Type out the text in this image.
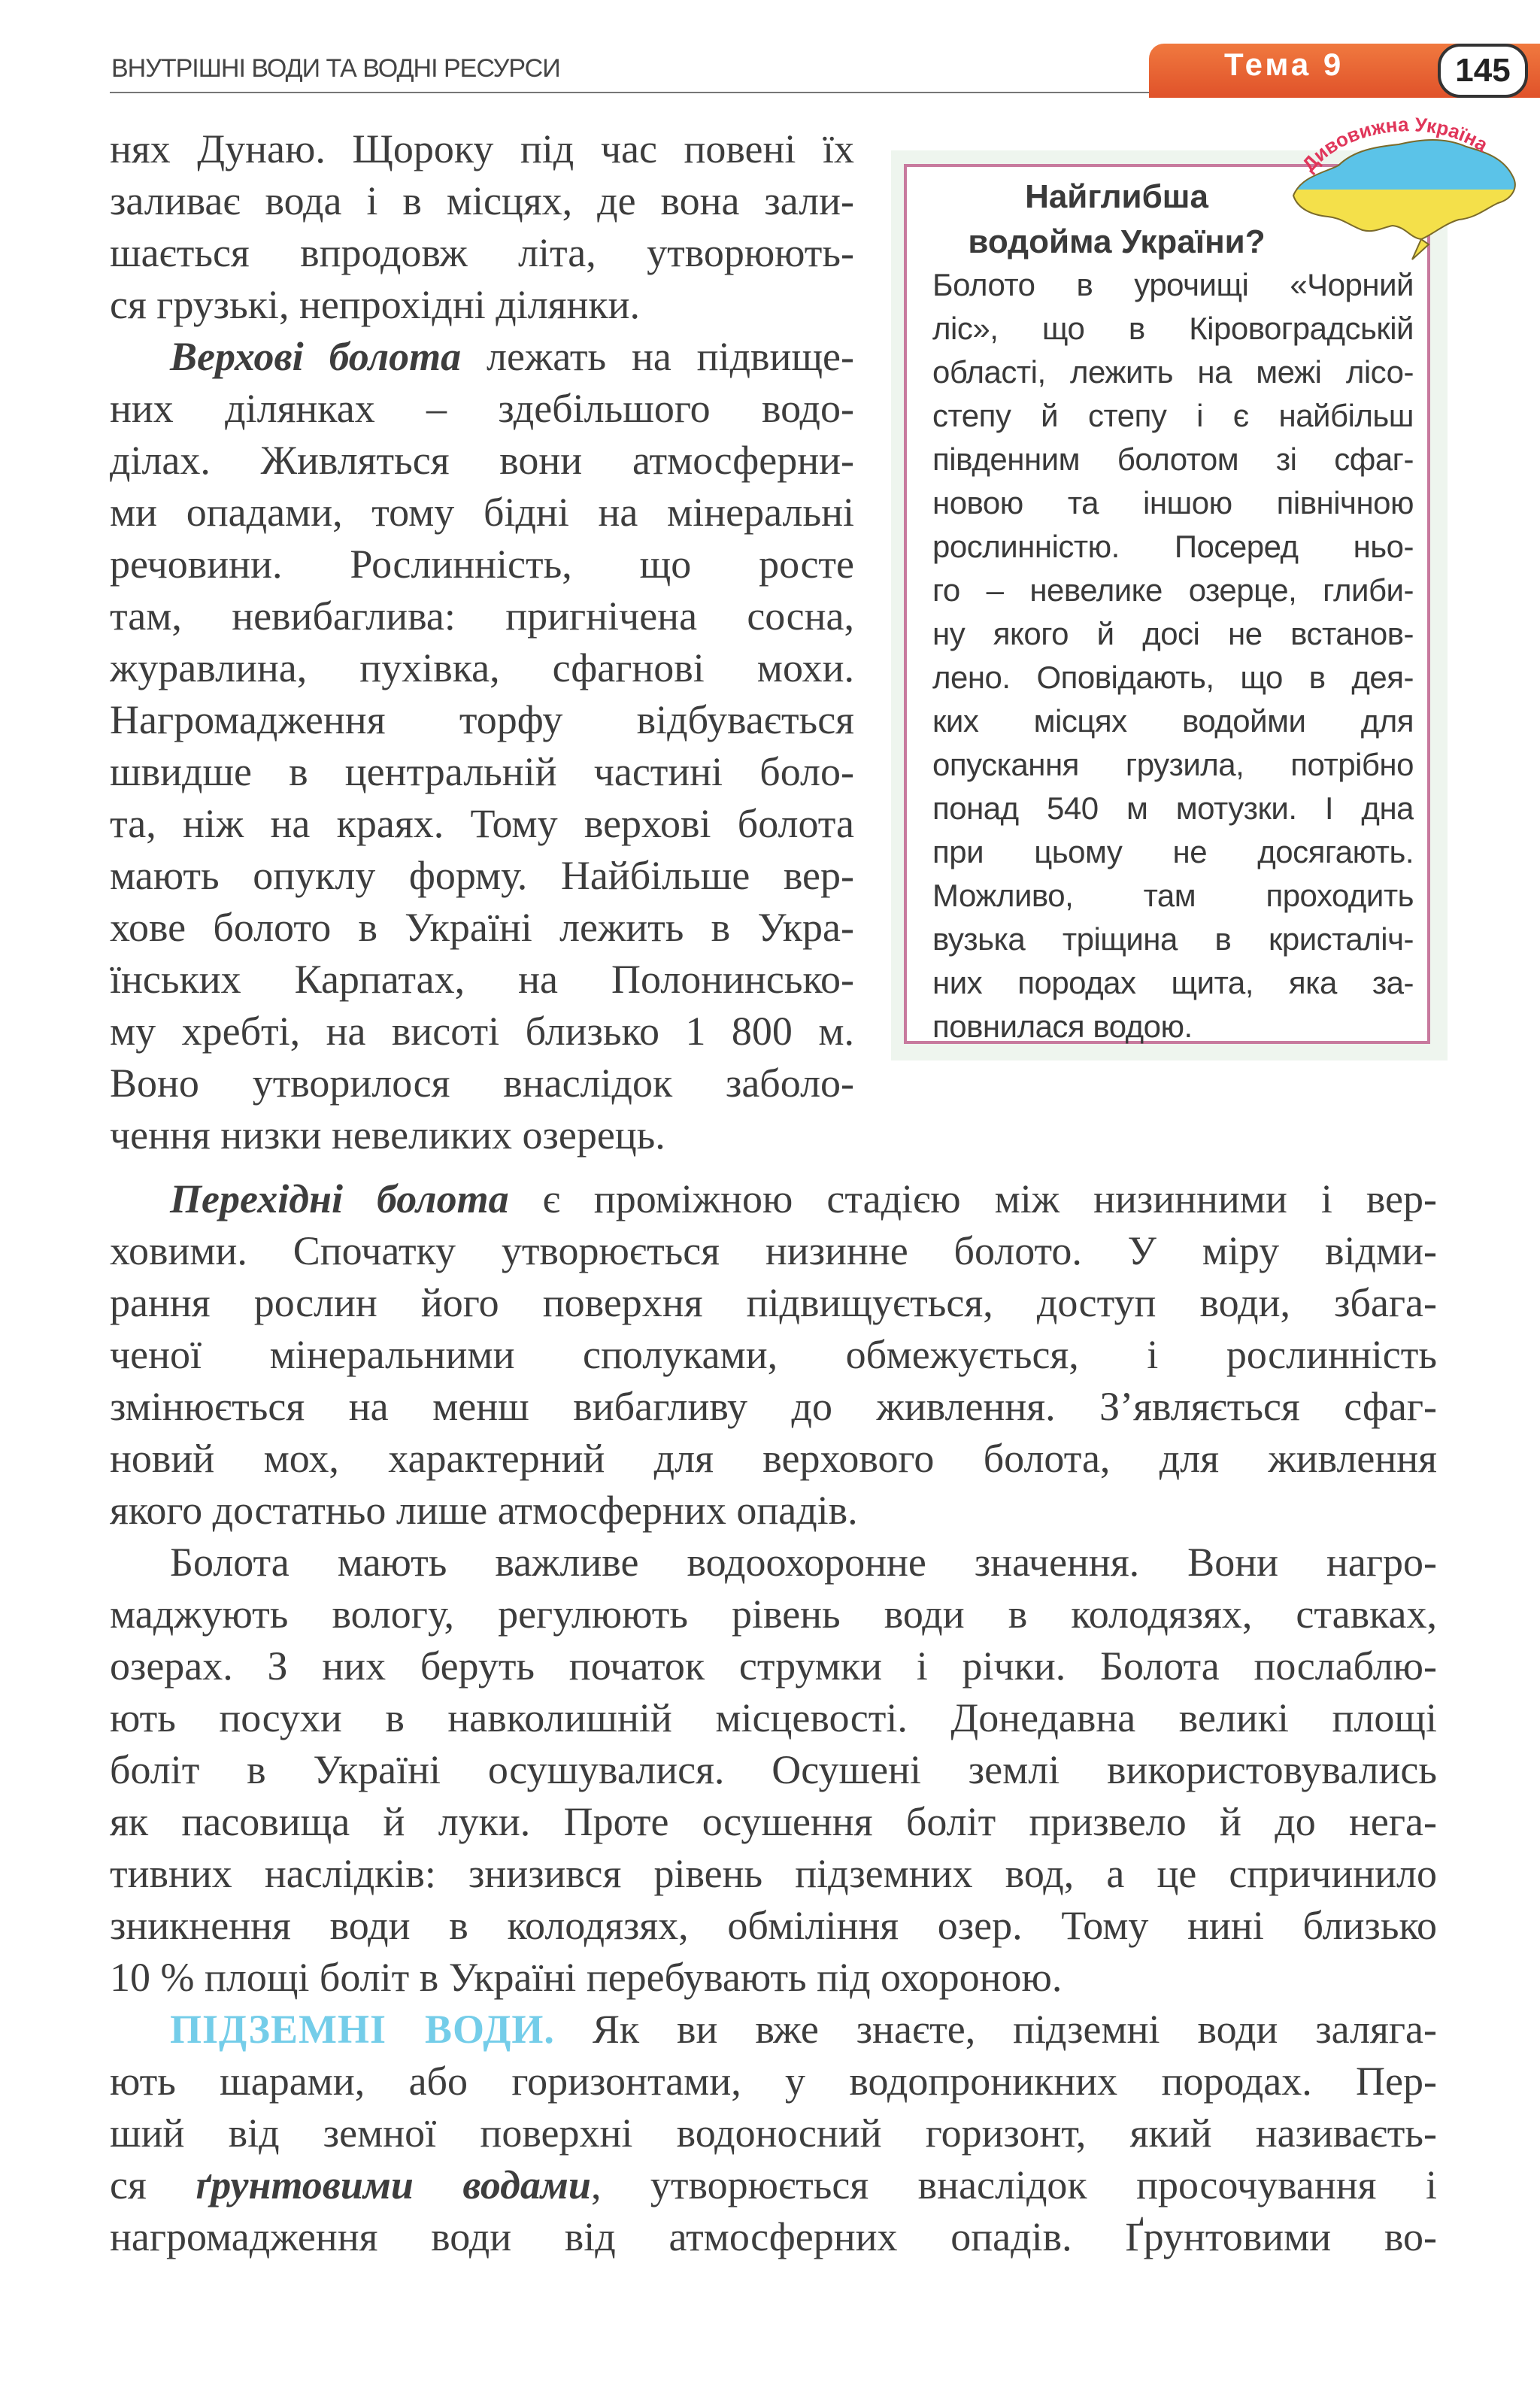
ВНУТРІШНІ ВОДИ ТА ВОДНІ РЕСУРСИ	Тема 9	145
нях Дунаю. Щороку під час повені їх
заливає вода і в місцях, де вона зали-
шається впродовж літа, утворюють-
ся грузькі, непрохідні ділянки.
Верхові болота лежать на підвище-
них ділянках – здебільшого водо-
ділах. Живляться вони атмосферни-
ми опадами, тому бідні на мінеральні
речовини. Рослинність, що росте
там, невибаглива: пригнічена сосна,
журавлина, пухівка, сфагнові мохи.
Нагромадження торфу відбувається
швидше в центральній частині боло-
та, ніж на краях. Тому верхові болота
мають опуклу форму. Найбільше вер-
хове болото в Україні лежить в Укра-
їнських Карпатах, на Полонинсько-
му хребті, на висоті близько 1 800 м.
Воно утворилося внаслідок заболо-
чення низки невеликих озерець.
Найглибша
водойма України?
Болото в урочищі «Чорний
ліс», що в Кіровоградській
області, лежить на межі лісо-
степу й степу і є найбільш
південним болотом зі сфаг-
новою та іншою північною
рослинністю. Посеред ньо-
го – невелике озерце, глиби-
ну якого й досі не встанов-
лено. Оповідають, що в дея-
ких місцях водойми для
опускання грузила, потрібно
понад 540 м мотузки. І дна
при цьому не досягають.
Можливо, там проходить
вузька тріщина в кристаліч-
них породах щита, яка за-
повнилася водою.
Дивовижна Україна
Перехідні болота є проміжною стадією між низинними і вер-
ховими. Спочатку утворюється низинне болото. У міру відми-
рання рослин його поверхня підвищується, доступ води, збага-
ченої мінеральними сполуками, обмежується, і рослинність
змінюється на менш вибагливу до живлення. З’являється сфаг-
новий мох, характерний для верхового болота, для живлення
якого достатньо лише атмосферних опадів.
Болота мають важливе водоохоронне значення. Вони нагро-
маджують вологу, регулюють рівень води в колодязях, ставках,
озерах. З них беруть початок струмки і річки. Болота послаблю-
ють посухи в навколишній місцевості. Донедавна великі площі
боліт в Україні осушувалися. Осушені землі використовувались
як пасовища й луки. Проте осушення боліт призвело й до нега-
тивних наслідків: знизився рівень підземних вод, а це спричинило
зникнення води в колодязях, обміління озер. Тому нині близько
10 % площі боліт в Україні перебувають під охороною.
ПІДЗЕМНІ ВОДИ. Як ви вже знаєте, підземні води заляга-
ють шарами, або горизонтами, у водопроникних породах. Пер-
ший від земної поверхні водоносний горизонт, який називаєть-
ся ґрунтовими водами, утворюється внаслідок просочування і
нагромадження води від атмосферних опадів. Ґрунтовими во-
